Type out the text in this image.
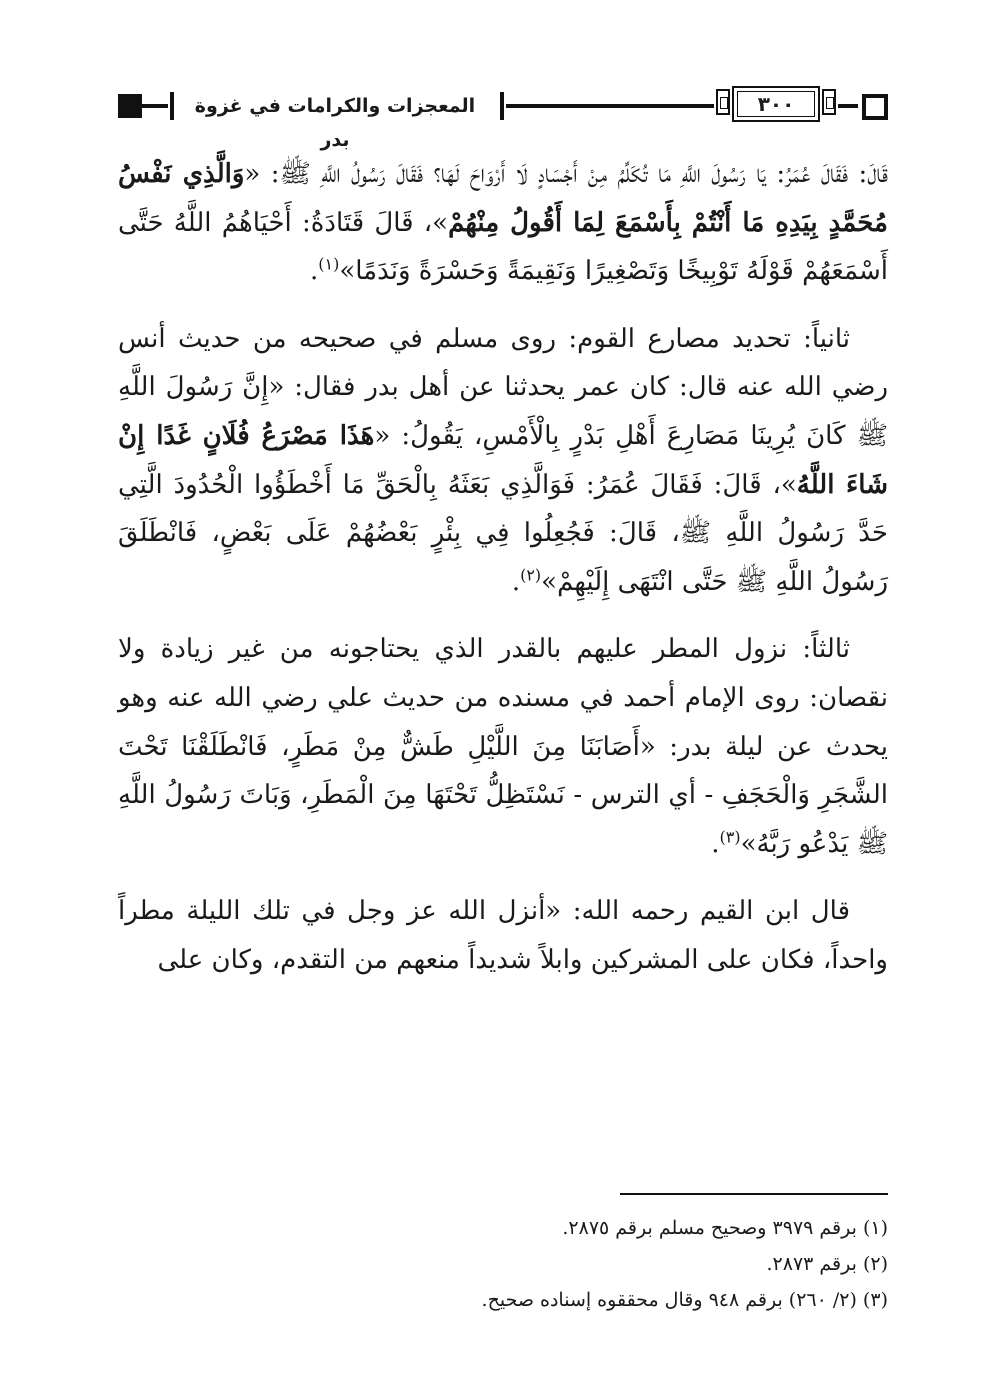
المعجزات والكرامات في غزوة بدر
٣٠٠

قَالَ: فَقَالَ عُمَرُ: يَا رَسُولَ اللَّهِ مَا تُكَلِّمُ مِنْ أَجْسَادٍ لَا أَرْوَاحَ لَهَا؟ فَقَالَ رَسُولُ اللَّهِ ﷺ: «وَالَّذِي نَفْسُ مُحَمَّدٍ بِيَدِهِ مَا أَنْتُمْ بِأَسْمَعَ لِمَا أَقُولُ مِنْهُمْ»، قَالَ قَتَادَةُ: أَحْيَاهُمُ اللَّهُ حَتَّى أَسْمَعَهُمْ قَوْلَهُ تَوْبِيخًا وَتَصْغِيرًا وَنَقِيمَةً وَحَسْرَةً وَنَدَمًا»$^{(١)}$.

ثانياً: تحديد مصارع القوم: روى مسلم في صحيحه من حديث أنس رضي الله عنه قال: كان عمر يحدثنا عن أهل بدر فقال: «إِنَّ رَسُولَ اللَّهِ ﷺ كَانَ يُرِينَا مَصَارِعَ أَهْلِ بَدْرٍ بِالْأَمْسِ، يَقُولُ: «هَذَا مَصْرَعُ فُلَانٍ غَدًا إِنْ شَاءَ اللَّهُ»، قَالَ: فَقَالَ عُمَرُ: فَوَالَّذِي بَعَثَهُ بِالْحَقِّ مَا أَخْطَؤُوا الْحُدُودَ الَّتِي حَدَّ رَسُولُ اللَّهِ ﷺ، قَالَ: فَجُعِلُوا فِي بِئْرٍ بَعْضُهُمْ عَلَى بَعْضٍ، فَانْطَلَقَ رَسُولُ اللَّهِ ﷺ حَتَّى انْتَهَى إِلَيْهِمْ»$^{(٢)}$.

ثالثاً: نزول المطر عليهم بالقدر الذي يحتاجونه من غير زيادة ولا نقصان: روى الإمام أحمد في مسنده من حديث علي رضي الله عنه وهو يحدث عن ليلة بدر: «أَصَابَنَا مِنَ اللَّيْلِ طَشٌّ مِنْ مَطَرٍ، فَانْطَلَقْنَا تَحْتَ الشَّجَرِ وَالْحَجَفِ - أي الترس - نَسْتَظِلُّ تَحْتَهَا مِنَ الْمَطَرِ، وَبَاتَ رَسُولُ اللَّهِ ﷺ يَدْعُو رَبَّهُ»$^{(٣)}$.

قال ابن القيم رحمه الله: «أنزل الله عز وجل في تلك الليلة مطراً واحداً، فكان على المشركين وابلاً شديداً منعهم من التقدم، وكان على

(١) برقم ٣٩٧٩ وصحيح مسلم برقم ٢٨٧٥.

(٢) برقم ٢٨٧٣.

(٣) (٢/ ٢٦٠) برقم ٩٤٨ وقال محققوه إسناده صحيح.
